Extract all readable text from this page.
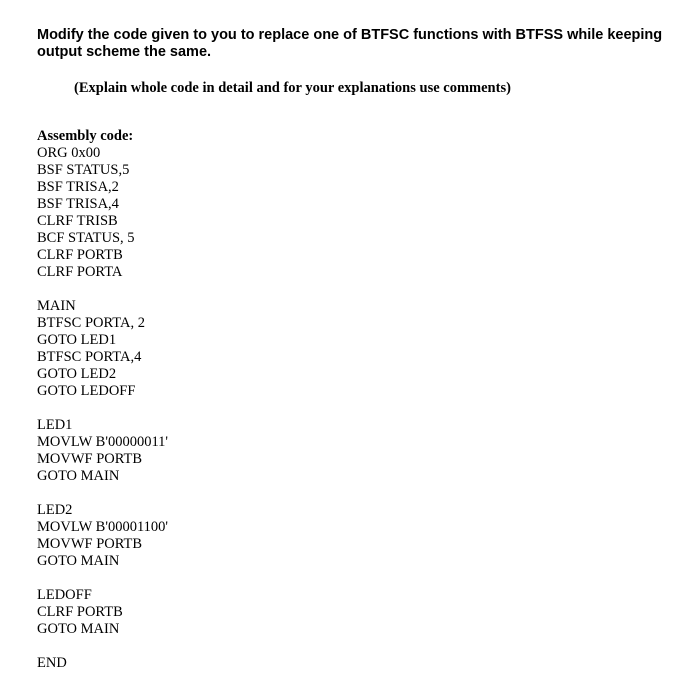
Modify the code given to you to replace one of BTFSC functions with BTFSS while keeping output scheme the same.
(Explain whole code in detail and for your explanations use comments)
Assembly code:
ORG 0x00
BSF STATUS,5
BSF TRISA,2
BSF TRISA,4
CLRF TRISB
BCF STATUS, 5
CLRF PORTB
CLRF PORTA
MAIN
BTFSC PORTA, 2
GOTO LED1
BTFSC PORTA,4
GOTO LED2
GOTO LEDOFF
LED1
MOVLW B'00000011'
MOVWF PORTB
GOTO MAIN
LED2
MOVLW B'00001100'
MOVWF PORTB
GOTO MAIN
LEDOFF
CLRF PORTB
GOTO MAIN
END
